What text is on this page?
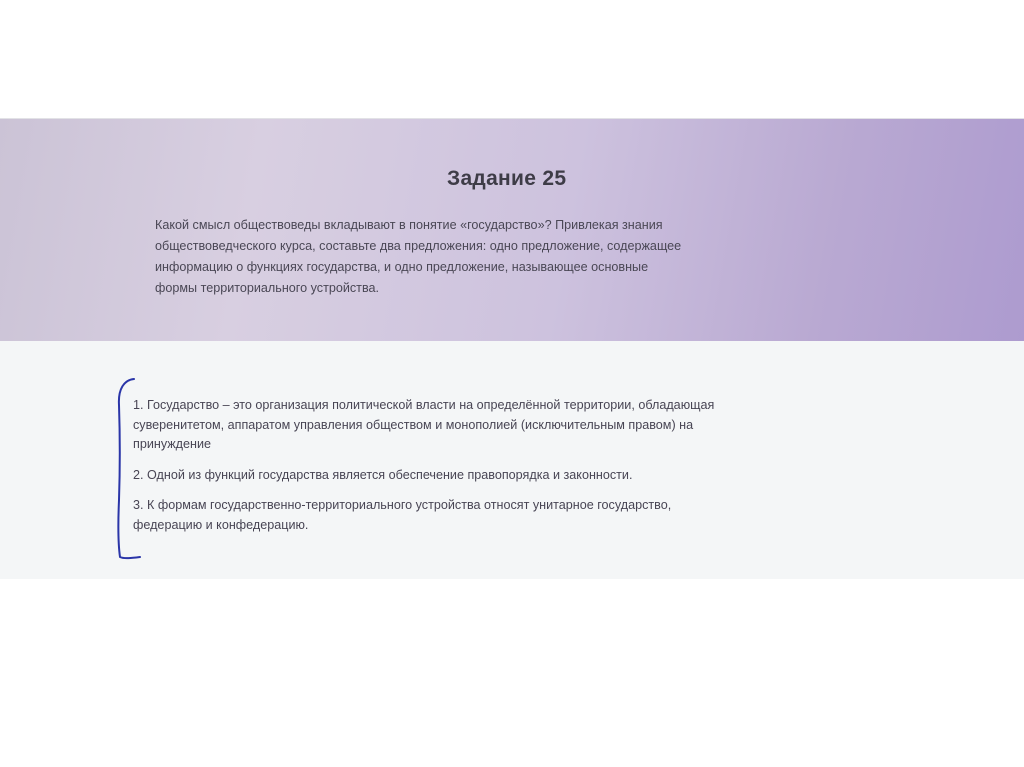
Задание 25
Какой смысл обществоведы вкладывают в понятие «государство»? Привлекая знания
обществоведческого курса, составьте два предложения: одно предложение, содержащее
информацию о функциях государства, и одно предложение, называющее основные
формы территориального устройства.
1. Государство – это организация политической власти на определённой территории, обладающая
суверенитетом, аппаратом управления обществом и монополией (исключительным правом) на
принуждение
2. Одной из функций государства является обеспечение правопорядка и законности.
3. К формам государственно-территориального устройства относят унитарное государство,
федерацию и конфедерацию.
